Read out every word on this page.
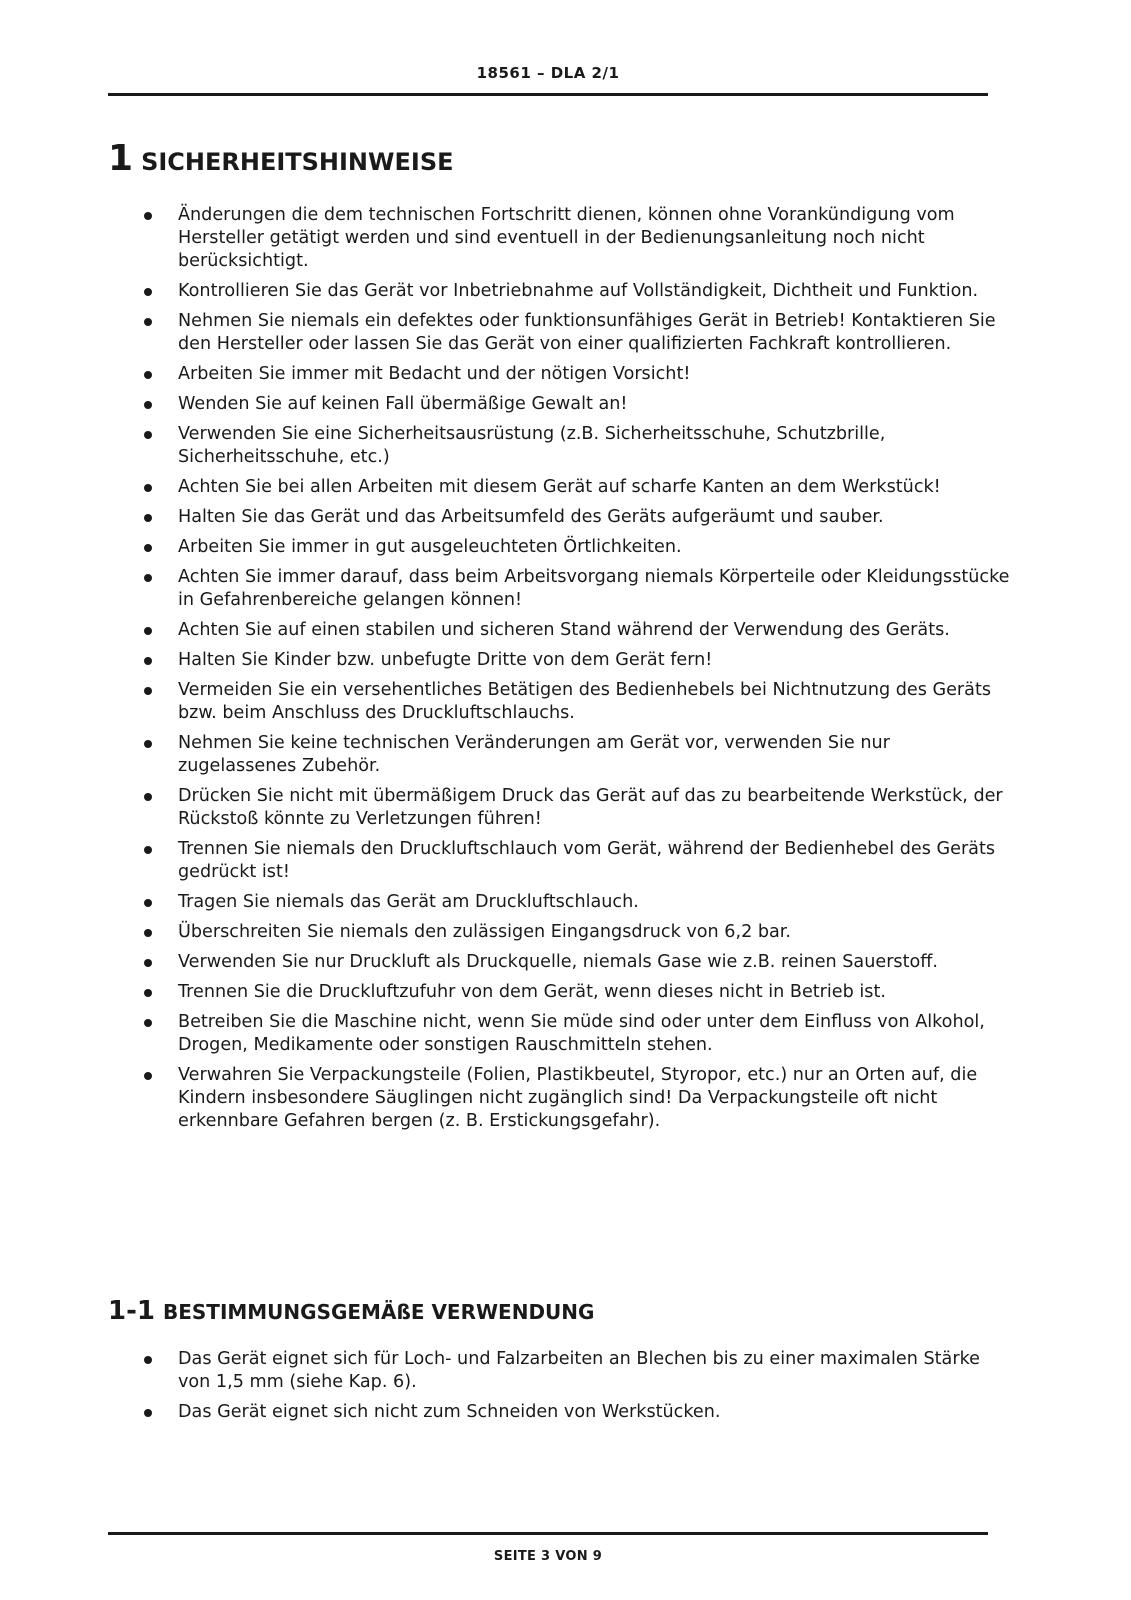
18561 – DLA 2/1
1 SICHERHEITSHINWEISE
Änderungen die dem technischen Fortschritt dienen, können ohne Vorankündigung vom Hersteller getätigt werden und sind eventuell in der Bedienungsanleitung noch nicht berücksichtigt.
Kontrollieren Sie das Gerät vor Inbetriebnahme auf Vollständigkeit, Dichtheit und Funktion.
Nehmen Sie niemals ein defektes oder funktionsunfähiges Gerät in Betrieb! Kontaktieren Sie den Hersteller oder lassen Sie das Gerät von einer qualifizierten Fachkraft kontrollieren.
Arbeiten Sie immer mit Bedacht und der nötigen Vorsicht!
Wenden Sie auf keinen Fall übermäßige Gewalt an!
Verwenden Sie eine Sicherheitsausrüstung (z.B. Sicherheitsschuhe, Schutzbrille, Sicherheitsschuhe, etc.)
Achten Sie bei allen Arbeiten mit diesem Gerät auf scharfe Kanten an dem Werkstück!
Halten Sie das Gerät und das Arbeitsumfeld des Geräts aufgeräumt und sauber.
Arbeiten Sie immer in gut ausgeleuchteten Örtlichkeiten.
Achten Sie immer darauf, dass beim Arbeitsvorgang niemals Körperteile oder Kleidungsstücke in Gefahrenbereiche gelangen können!
Achten Sie auf einen stabilen und sicheren Stand während der Verwendung des Geräts.
Halten Sie Kinder bzw. unbefugte Dritte von dem Gerät fern!
Vermeiden Sie ein versehentliches Betätigen des Bedienhebels bei Nichtnutzung des Geräts bzw. beim Anschluss des Druckluftschlauchs.
Nehmen Sie keine technischen Veränderungen am Gerät vor, verwenden Sie nur zugelassenes Zubehör.
Drücken Sie nicht mit übermäßigem Druck das Gerät auf das zu bearbeitende Werkstück, der Rückstoß könnte zu Verletzungen führen!
Trennen Sie niemals den Druckluftschlauch vom Gerät, während der Bedienhebel des Geräts gedrückt ist!
Tragen Sie niemals das Gerät am Druckluftschlauch.
Überschreiten Sie niemals den zulässigen Eingangsdruck von 6,2 bar.
Verwenden Sie nur Druckluft als Druckquelle, niemals Gase wie z.B. reinen Sauerstoff.
Trennen Sie die Druckluftzufuhr von dem Gerät, wenn dieses nicht in Betrieb ist.
Betreiben Sie die Maschine nicht, wenn Sie müde sind oder unter dem Einfluss von Alkohol, Drogen, Medikamente oder sonstigen Rauschmitteln stehen.
Verwahren Sie Verpackungsteile (Folien, Plastikbeutel, Styropor, etc.) nur an Orten auf, die Kindern insbesondere Säuglingen nicht zugänglich sind! Da Verpackungsteile oft nicht erkennbare Gefahren bergen (z. B. Erstickungsgefahr).
1-1 BESTIMMUNGSGEMÄßE VERWENDUNG
Das Gerät eignet sich für Loch- und Falzarbeiten an Blechen bis zu einer maximalen Stärke von 1,5 mm (siehe Kap. 6).
Das Gerät eignet sich nicht zum Schneiden von Werkstücken.
SEITE 3 VON 9
